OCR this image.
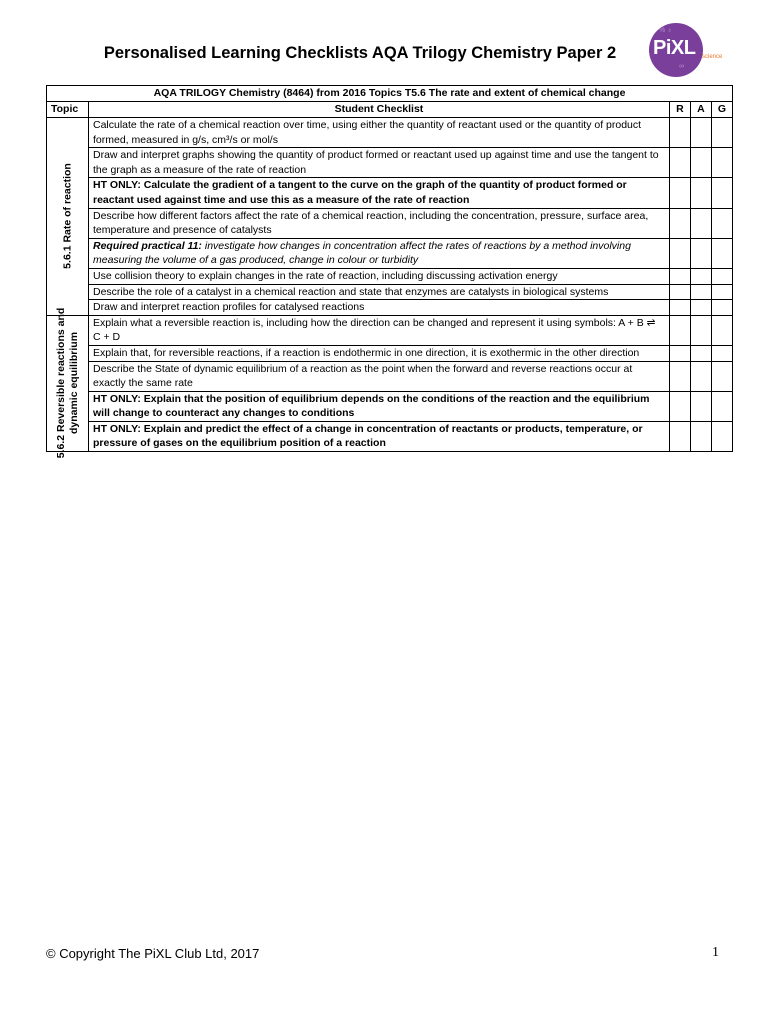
Personalised Learning Checklists AQA Trilogy Chemistry Paper 2
% ♁
∞
PiXL science
AQA TRILOGY Chemistry (8464) from 2016 Topics T5.6 The rate and extent of chemical change				
Topic	Student Checklist	R	A	G

5.6.1 Rate of reaction	Calculate the rate of a chemical reaction over time, using either the quantity of reactant used or the quantity of product formed, measured in g/s, cm³/s or mol/s			
	Draw and interpret graphs showing the quantity of product formed or reactant used up against time and use the tangent to the graph as a measure of the rate of reaction			
	HT ONLY: Calculate the gradient of a tangent to the curve on the graph of the quantity of product formed or reactant used against time and use this as a measure of the rate of reaction			
	Describe how different factors affect the rate of a chemical reaction, including the concentration, pressure, surface area, temperature and presence of catalysts			
	Required practical 11: investigate how changes in concentration affect the rates of reactions by a method involving measuring the volume of a gas produced, change in colour or turbidity			
	Use collision theory to explain changes in the rate of reaction, including discussing activation energy			
	Describe the role of a catalyst in a chemical reaction and state that enzymes are catalysts in biological systems			
	Draw and interpret reaction profiles for catalysed reactions			

5.6.2 Reversible reactions and dynamic equilibrium	Explain what a reversible reaction is, including how the direction can be changed and represent it using symbols: A + B ⇌ C + D			
	Explain that, for reversible reactions, if a reaction is endothermic in one direction, it is exothermic in the other direction			
	Describe the State of dynamic equilibrium of a reaction as the point when the forward and reverse reactions occur at exactly the same rate			
	HT ONLY: Explain that the position of equilibrium depends on the conditions of the reaction and the equilibrium will change to counteract any changes to conditions			
	HT ONLY: Explain and predict the effect of a change in concentration of reactants or products, temperature, or pressure of gases on the equilibrium position of a reaction			
© Copyright The PiXL Club Ltd, 2017	1
